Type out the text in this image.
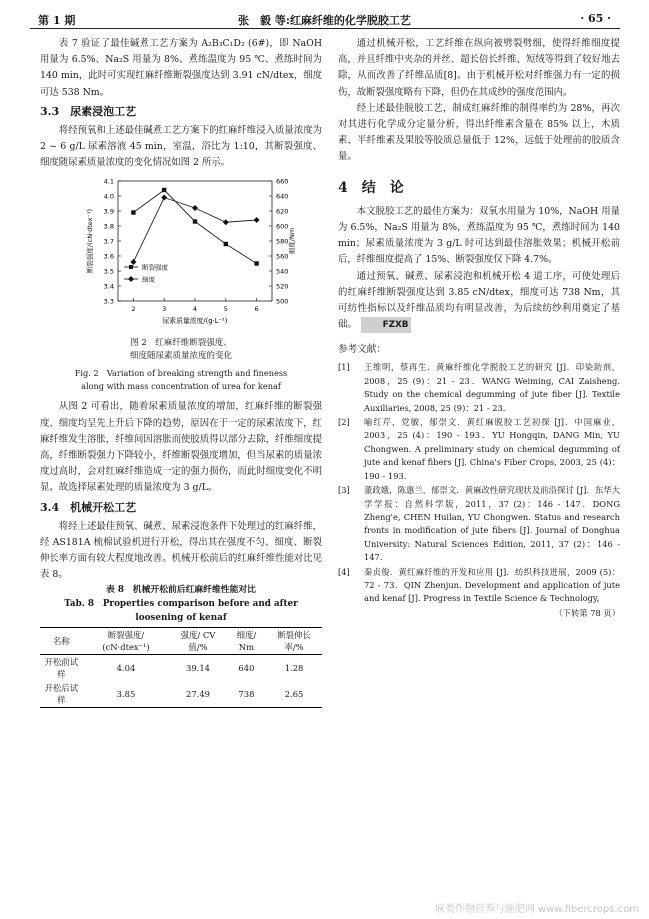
第 1 期	张　毅 等:红麻纤维的化学脱胶工艺	· 65 ·

表 7 验证了最佳碱煮工艺方案为 A₂B₃C₁D₂ (6#)，即 NaOH 用量为 6.5%、Na₂S 用量为 8%、煮练温度为 95 ℃、煮练时间为 140 min，此时可实现红麻纤维断裂强度达到 3.91 cN/dtex，细度可达 538 Nm。

3.3　尿素浸泡工艺

将经预氧和上述最佳碱煮工艺方案下的红麻纤维浸入质量浓度为 2 ~ 6 g/L 尿素溶液 45 min，室温，浴比为 1:10，其断裂强度、细度随尿素质量浓度的变化情况如图 2 所示。

3.3
3.4
3.5
3.6
3.7
3.8
3.9
4.0
4.1
500
520
540
560
580
600
620
640
660
2	3	4	5	6
尿素质量浓度/(g·L⁻¹)
断裂强度/(cN·dtex⁻¹)	细度/Nm
断裂强度
细度
图 2　红麻纤维断裂强度、
细度随尿素质量浓度的变化
Fig. 2　Variation of breaking strength and fineness
along with mass concentration of urea for kenaf

从图 2 可看出，随着尿素质量浓度的增加，红麻纤维的断裂强度、细度均呈先上升后下降的趋势，原因在于一定的尿素浓度下，红麻纤维发生溶胀，纤维间因溶胀而使胶质得以部分去除，纤维细度提高，纤维断裂强力下降较小，纤维断裂强度增加，但当尿素的质量浓度过高时，会对红麻纤维造成一定的强力损伤，而此时细度变化不明显。故选择尿素处理的质量浓度为 3 g/L。

3.4　机械开松工艺

将经上述最佳预氧、碱煮、尿素浸泡条件下处理过的红麻纤维，经 AS181A 梳棉试验机进行开松，得出其在强度不匀、细度、断裂伸长率方面有较大程度地改善。机械开松前后的红麻纤维性能对比见表 8。

表 8　机械开松前后红麻纤维性能对比
Tab. 8　Properties comparison before and after
loosening of kenaf
名称	断裂强度/ (cN·dtex⁻¹)	强度/ CV 值/%	细度/ Nm	断裂伸长 率/%
开松前试样	4.04	39.14	640	1.28
开松后试样	3.85	27.49	738	2.65

通过机械开松，工艺纤维在纵向被劈裂劈细，使得纤维细度提高，并且纤维中夹杂的并丝、超长倍长纤维、短绒等得到了较好地去除，从而改善了纤维品质[8]。由于机械开松对纤维强力有一定的损伤，故断裂强度略有下降，但仍在其成纱的强度范围内。

经上述最佳脱胶工艺，制成红麻纤维的制得率约为 28%，再次对其进行化学成分定量分析，得出纤维素含量在 85% 以上，木质素、半纤维素及果胶等胶质总量低于 12%，远低于处理前的胶质含量。

4　结　论

本文脱胶工艺的最佳方案为：双氧水用量为 10%，NaOH 用量为 6.5%，Na₂S 用量为 8%，煮练温度为 95 ℃，煮练时间为 140 min；尿素质量浓度为 3 g/L 时可达到最佳溶胀效果；机械开松前后，纤维细度提高了 15%、断裂强度仅下降 4.7%。

通过预氧、碱煮、尿素浸泡和机械开松 4 道工序，可使处理后的红麻纤维断裂强度达到 3.85 cN/dtex，细度可达 738 Nm，其可纺性指标以及纤维品质均有明显改善，为后续纺纱利用奠定了基础。	FZXB

参考文献：
[1]	王维明，蔡再生．黄麻纤维化学脱胶工艺的研究 [J]．印染助剂，2008，25 (9)：21 - 23．WANG Weiming, CAI Zaisheng. Study on the chemical degumming of jute fiber [J]. Textile Auxiliaries, 2008, 25 (9)：21 - 23.
[2]	喻红芹，党敏，郁崇文．黄红麻脱胶工艺初探 [J]．中国麻业，2003，25 (4)：190 - 193．YU Hongqin, DANG Min, YU Chongwen. A preliminary study on chemical degumming of jute and kenaf fibers [J]. China's Fiber Crops, 2003, 25 (4)：190 - 193.
[3]	董政娥，陈惠兰，郁崇文．黄麻改性研究现状及前沿探讨 [J]．东华大学学报：自然科学版，2011，37 (2)：146 - 147．DONG Zheng'e, CHEN Huilan, YU Chongwen. Status and research fronts in modification of jute fibers [J]. Journal of Donghua University: Natural Sciences Edition, 2011, 37 (2)：146 - 147.
[4]	秦贞俊．黄红麻纤维的开发和应用 [J]．纺织科技进展，2009 (5)：72 - 73．QIN Zhenjun. Development and application of jute and kenaf [J]. Progress in Textile Science & Technology,
（下转第 78 页）
麻类作物营养与施肥网 www.fibercrops.com
